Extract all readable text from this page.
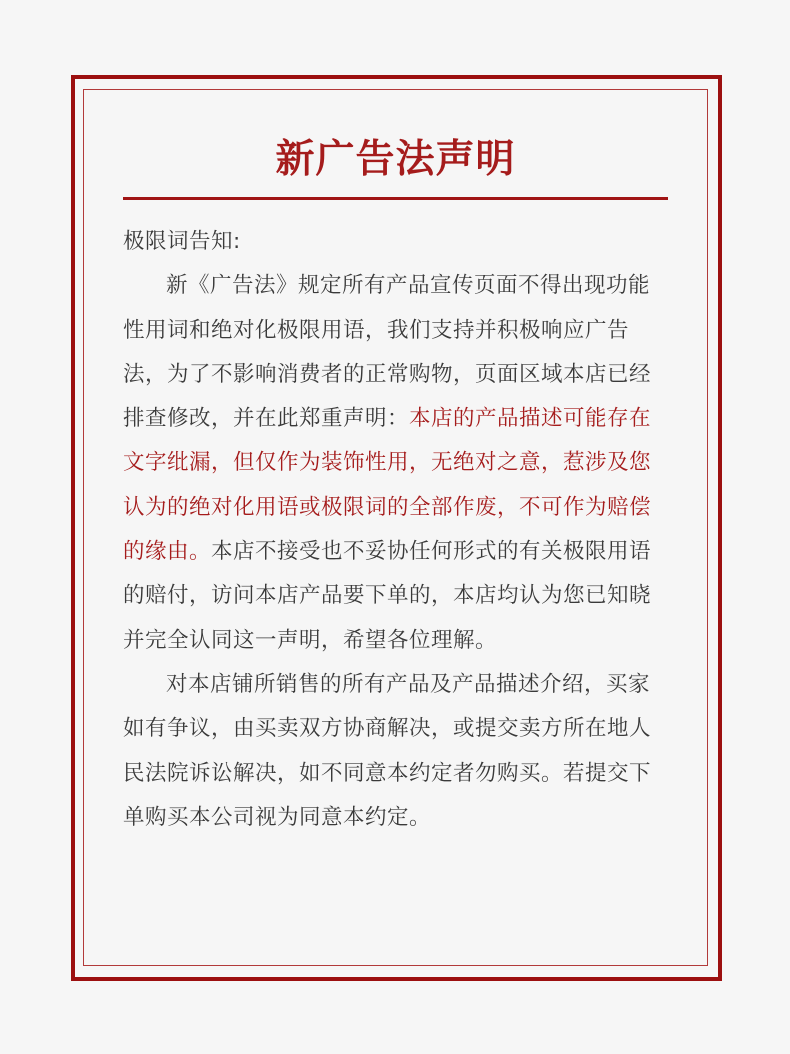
新广告法声明

极限词告知:

新《广告法》规定所有产品宣传页面不得出现功能性用词和绝对化极限用语，我们支持并积极响应广告法，为了不影响消费者的正常购物，页面区域本店已经排查修改，并在此郑重声明：本店的产品描述可能存在文字纰漏，但仅作为装饰性用，无绝对之意，惹涉及您认为的绝对化用语或极限词的全部作废，不可作为赔偿的缘由。本店不接受也不妥协任何形式的有关极限用语的赔付，访问本店产品要下单的，本店均认为您已知晓并完全认同这一声明，希望各位理解。

对本店铺所销售的所有产品及产品描述介绍，买家如有争议，由买卖双方协商解决，或提交卖方所在地人民法院诉讼解决，如不同意本约定者勿购买。若提交下单购买本公司视为同意本约定。
